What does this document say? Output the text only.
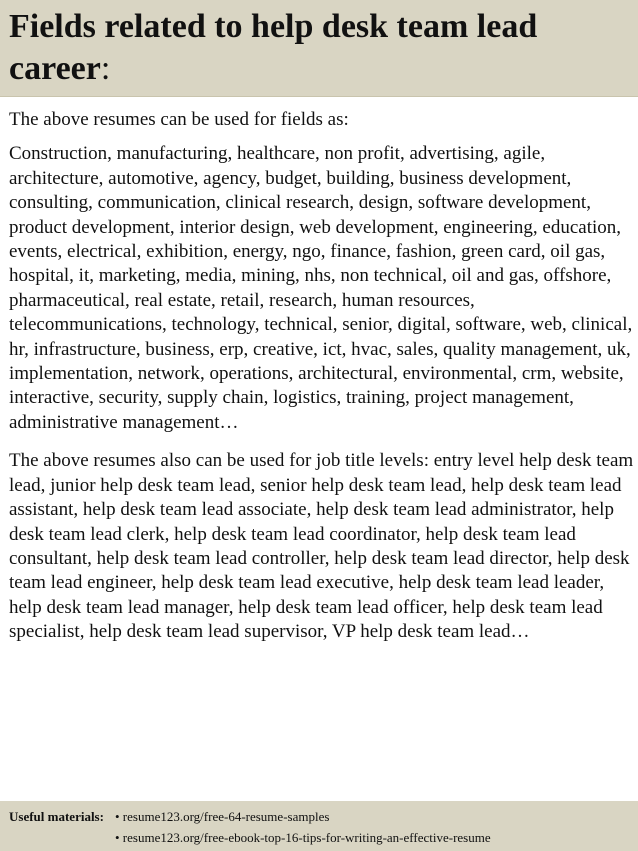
Fields related to help desk team lead career:

The above resumes can be used for fields as:

Construction, manufacturing, healthcare, non profit, advertising, agile, architecture, automotive, agency, budget, building, business development, consulting, communication, clinical research, design, software development, product development, interior design, web development, engineering, education, events, electrical, exhibition, energy, ngo, finance, fashion, green card, oil gas, hospital, it, marketing, media, mining, nhs, non technical, oil and gas, offshore, pharmaceutical, real estate, retail, research, human resources, telecommunications, technology, technical, senior, digital, software, web, clinical, hr, infrastructure, business, erp, creative, ict, hvac, sales, quality management, uk, implementation, network, operations, architectural, environmental, crm, website, interactive, security, supply chain, logistics, training, project management, administrative management…

The above resumes also can be used for job title levels: entry level help desk team lead, junior help desk team lead, senior help desk team lead, help desk team lead assistant, help desk team lead associate, help desk team lead administrator, help desk team lead clerk, help desk team lead coordinator, help desk team lead consultant, help desk team lead controller, help desk team lead director, help desk team lead engineer, help desk team lead executive, help desk team lead leader, help desk team lead manager, help desk team lead officer, help desk team lead specialist, help desk team lead supervisor, VP help desk team lead…

Useful materials: • resume123.org/free-64-resume-samples
• resume123.org/free-ebook-top-16-tips-for-writing-an-effective-resume
